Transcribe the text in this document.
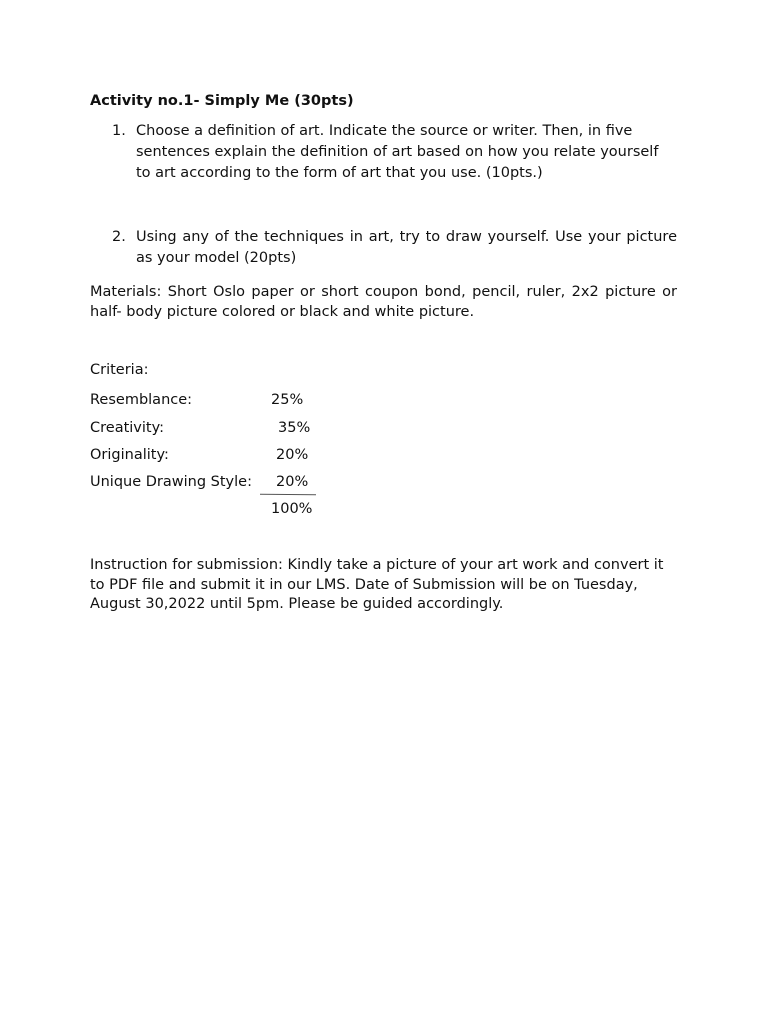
Activity no.1- Simply Me (30pts)
1. Choose a definition of art. Indicate the source or writer. Then, in five sentences explain the definition of art based on how you relate yourself to art according to the form of art that you use. (10pts.)
2. Using any of the techniques in art, try to draw yourself. Use your picture as your model (20pts)
Materials: Short Oslo paper or short coupon bond, pencil, ruler, 2x2 picture or half- body picture colored or black and white picture.
Criteria:
Resemblance:	25%
Creativity:	35%
Originality:	20%
Unique Drawing Style: 20%
100%
Instruction for submission: Kindly take a picture of your art work and convert it to PDF file and submit it in our LMS. Date of Submission will be on Tuesday, August 30,2022 until 5pm. Please be guided accordingly.
